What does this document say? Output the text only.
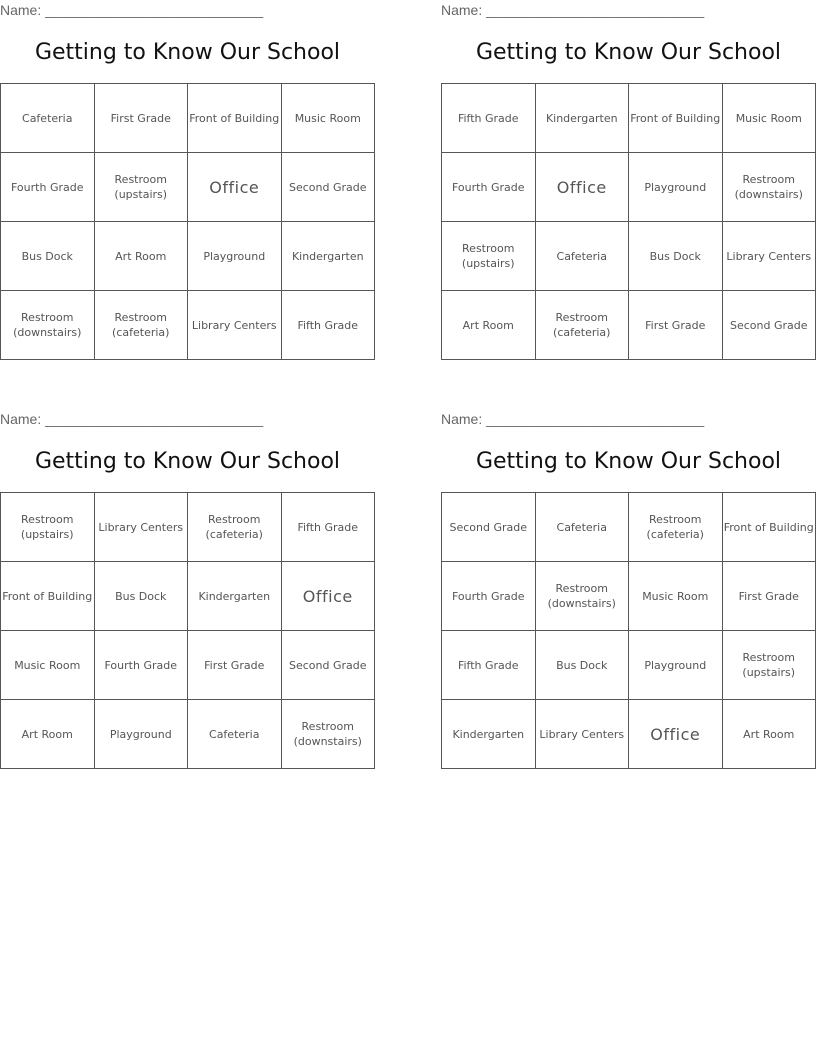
Name: ____________________________
Getting to Know Our School
Cafeteria	First Grade	Front of Building	Music Room
Fourth Grade	Restroom
(upstairs)	Office	Second Grade
Bus Dock	Art Room	Playground	Kindergarten
Restroom
(downstairs)	Restroom
(cafeteria)	Library Centers	Fifth Grade
Name: ____________________________
Getting to Know Our School
Fifth Grade	Kindergarten	Front of Building	Music Room
Fourth Grade	Office	Playground	Restroom
(downstairs)
Restroom
(upstairs)	Cafeteria	Bus Dock	Library Centers
Art Room	Restroom
(cafeteria)	First Grade	Second Grade
Name: ____________________________
Getting to Know Our School
Restroom
(upstairs)	Library Centers	Restroom
(cafeteria)	Fifth Grade
Front of Building	Bus Dock	Kindergarten	Office
Music Room	Fourth Grade	First Grade	Second Grade
Art Room	Playground	Cafeteria	Restroom
(downstairs)
Name: ____________________________
Getting to Know Our School
Second Grade	Cafeteria	Restroom
(cafeteria)	Front of Building
Fourth Grade	Restroom
(downstairs)	Music Room	First Grade
Fifth Grade	Bus Dock	Playground	Restroom
(upstairs)
Kindergarten	Library Centers	Office	Art Room
